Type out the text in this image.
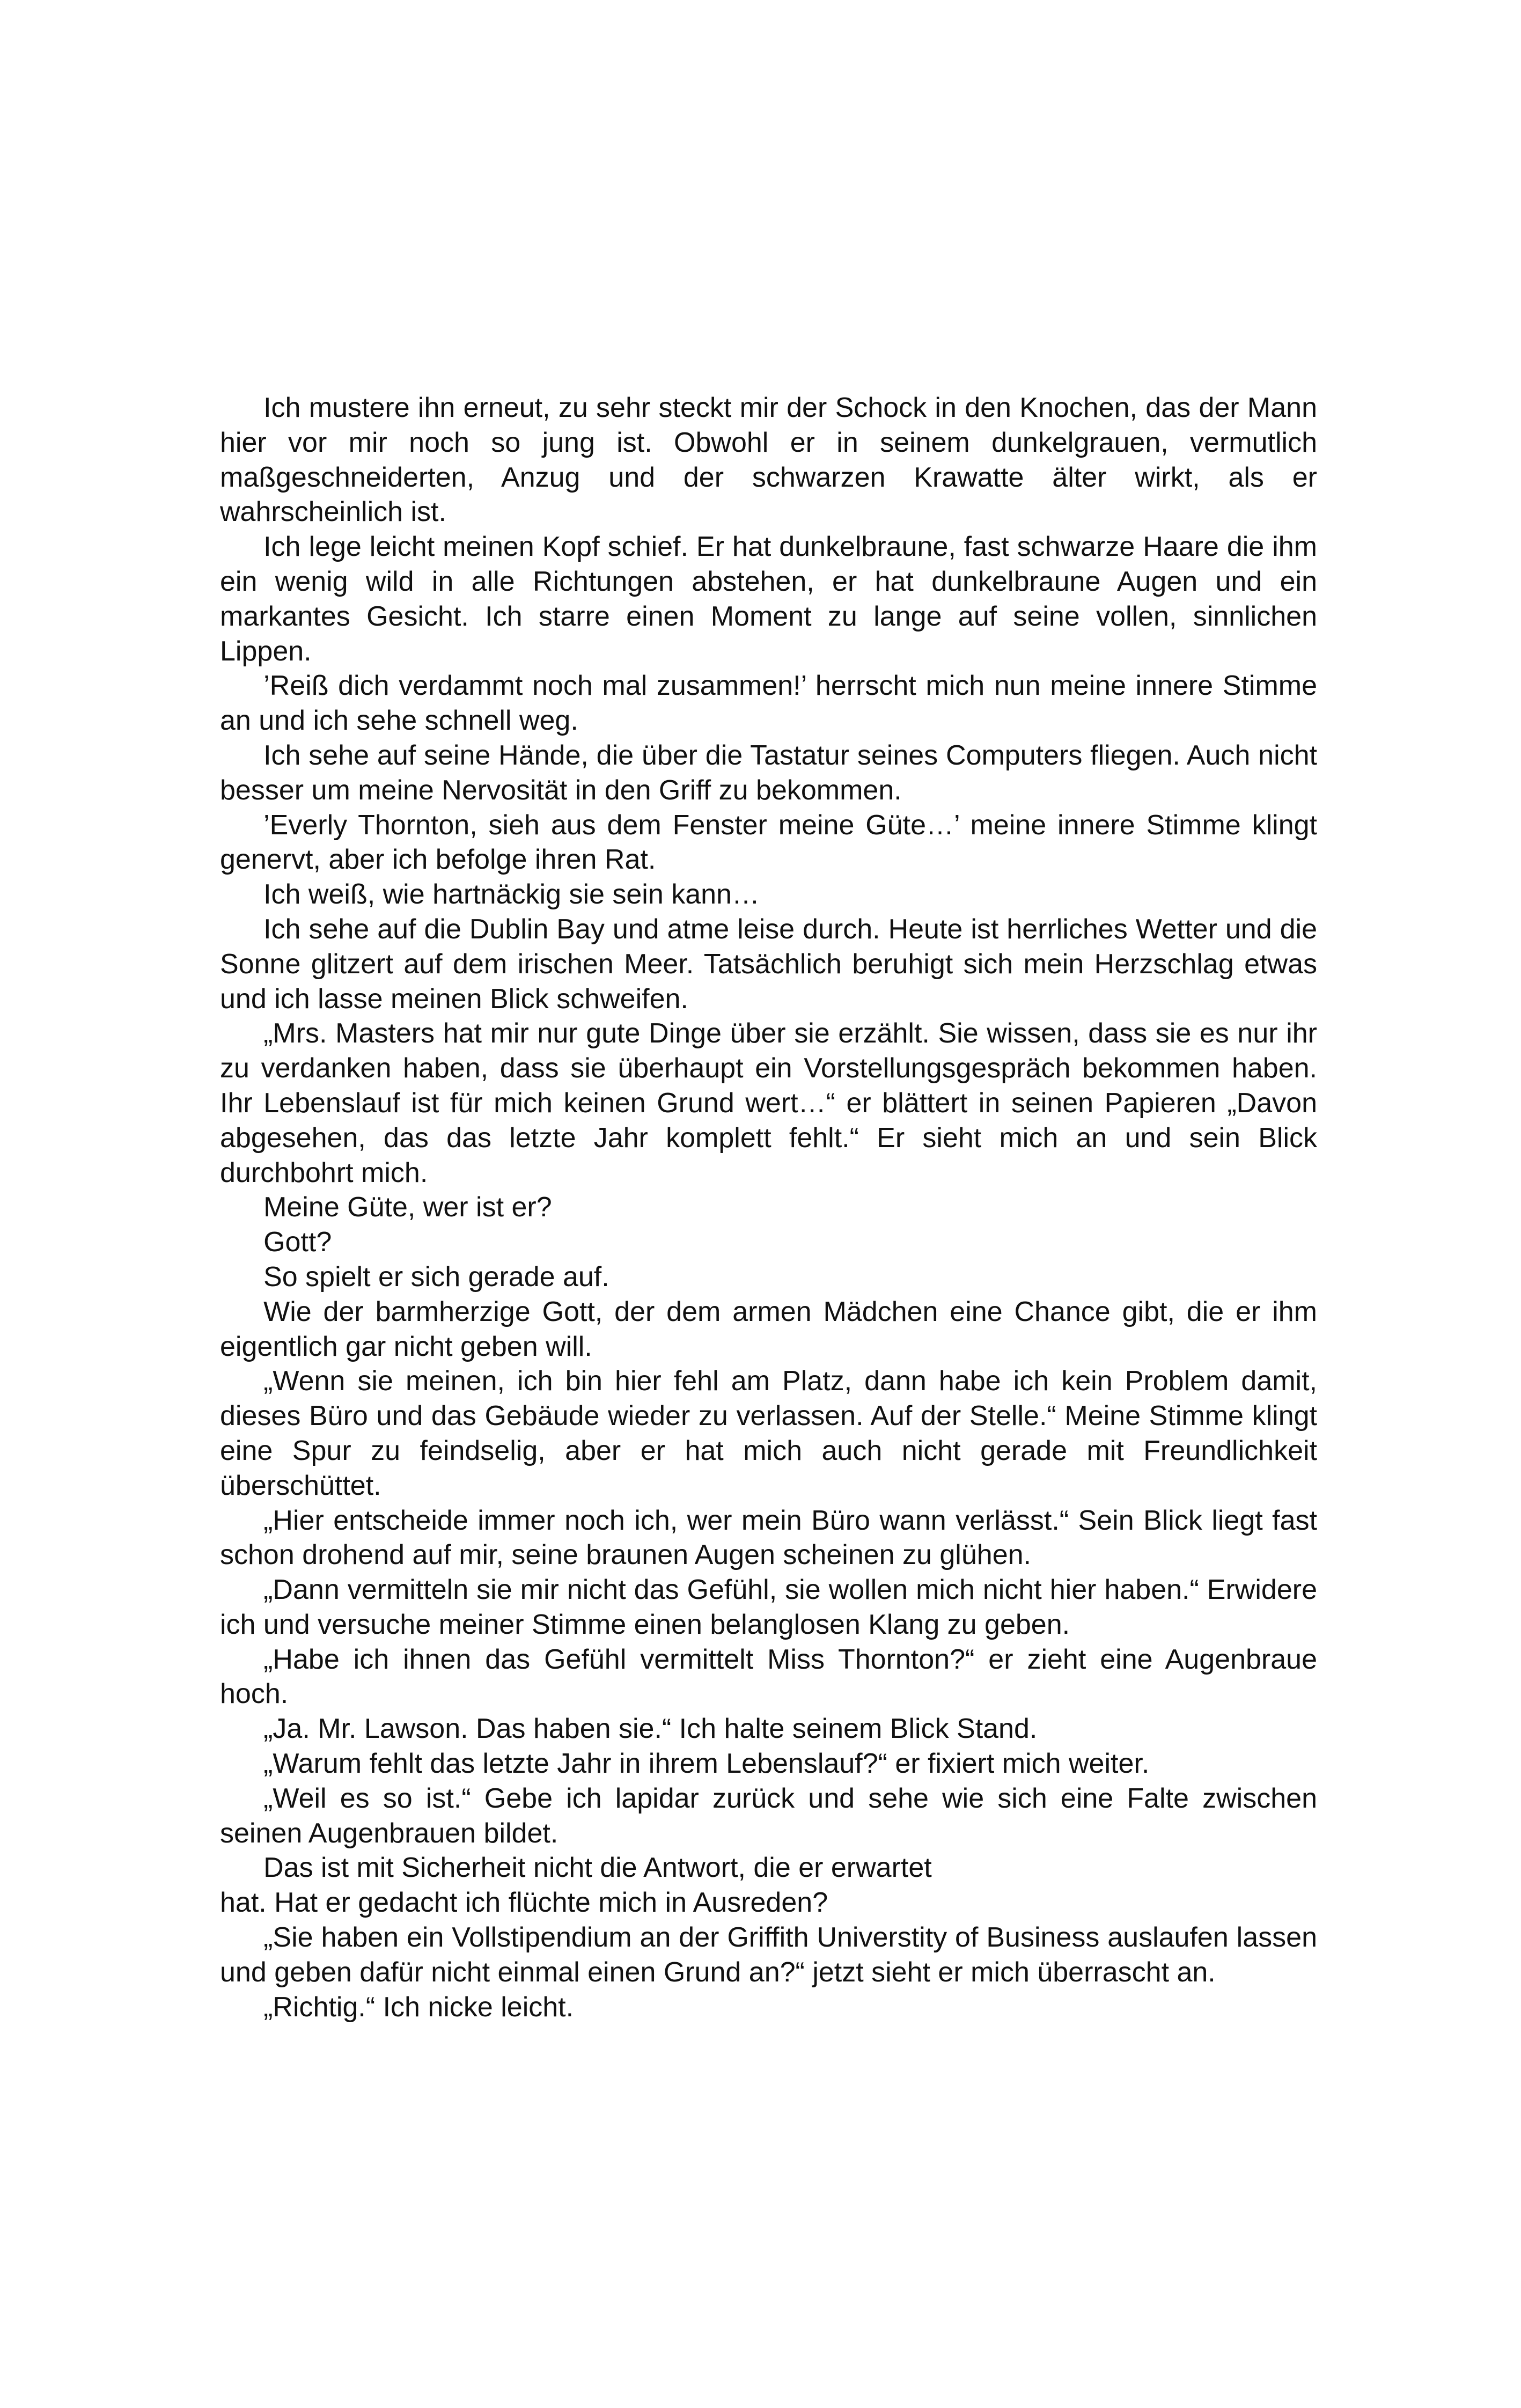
Ich mustere ihn erneut, zu sehr steckt mir der Schock in den Knochen, das der Mann hier vor mir noch so jung ist. Obwohl er in seinem dunkelgrauen, vermutlich maßgeschneiderten, Anzug und der schwarzen Krawatte älter wirkt, als er wahrscheinlich ist.

Ich lege leicht meinen Kopf schief. Er hat dunkelbraune, fast schwarze Haare die ihm ein wenig wild in alle Richtungen abstehen, er hat dunkelbraune Augen und ein markantes Gesicht. Ich starre einen Moment zu lange auf seine vollen, sinnlichen Lippen.

’Reiß dich verdammt noch mal zusammen!’ herrscht mich nun meine innere Stimme an und ich sehe schnell weg.

Ich sehe auf seine Hände, die über die Tastatur seines Computers fliegen. Auch nicht besser um meine Nervosität in den Griff zu bekommen.

’Everly Thornton, sieh aus dem Fenster meine Güte…’ meine innere Stimme klingt genervt, aber ich befolge ihren Rat.

Ich weiß, wie hartnäckig sie sein kann…

Ich sehe auf die Dublin Bay und atme leise durch. Heute ist herrliches Wetter und die Sonne glitzert auf dem irischen Meer. Tatsächlich beruhigt sich mein Herzschlag etwas und ich lasse meinen Blick schweifen.

„Mrs. Masters hat mir nur gute Dinge über sie erzählt. Sie wissen, dass sie es nur ihr zu verdanken haben, dass sie überhaupt ein Vorstellungsgespräch bekommen haben. Ihr Lebenslauf ist für mich keinen Grund wert…“ er blättert in seinen Papieren „Davon abgesehen, das das letzte Jahr komplett fehlt.“ Er sieht mich an und sein Blick durchbohrt mich.

Meine Güte, wer ist er?

Gott?

So spielt er sich gerade auf.

Wie der barmherzige Gott, der dem armen Mädchen eine Chance gibt, die er ihm eigentlich gar nicht geben will.

„Wenn sie meinen, ich bin hier fehl am Platz, dann habe ich kein Problem damit, dieses Büro und das Gebäude wieder zu verlassen. Auf der Stelle.“ Meine Stimme klingt eine Spur zu feindselig, aber er hat mich auch nicht gerade mit Freundlichkeit überschüttet.

„Hier entscheide immer noch ich, wer mein Büro wann verlässt.“ Sein Blick liegt fast schon drohend auf mir, seine braunen Augen scheinen zu glühen.

„Dann vermitteln sie mir nicht das Gefühl, sie wollen mich nicht hier haben.“ Erwidere ich und versuche meiner Stimme einen belanglosen Klang zu geben.

„Habe ich ihnen das Gefühl vermittelt Miss Thornton?“ er zieht eine Augenbraue hoch.

„Ja. Mr. Lawson. Das haben sie.“ Ich halte seinem Blick Stand.

„Warum fehlt das letzte Jahr in ihrem Lebenslauf?“ er fixiert mich weiter.

„Weil es so ist.“ Gebe ich lapidar zurück und sehe wie sich eine Falte zwischen seinen Augenbrauen bildet.

Das ist mit Sicherheit nicht die Antwort, die er erwartet

hat. Hat er gedacht ich flüchte mich in Ausreden?

„Sie haben ein Vollstipendium an der Griffith Universtity of Business auslaufen lassen und geben dafür nicht einmal einen Grund an?“ jetzt sieht er mich überrascht an.

„Richtig.“ Ich nicke leicht.
